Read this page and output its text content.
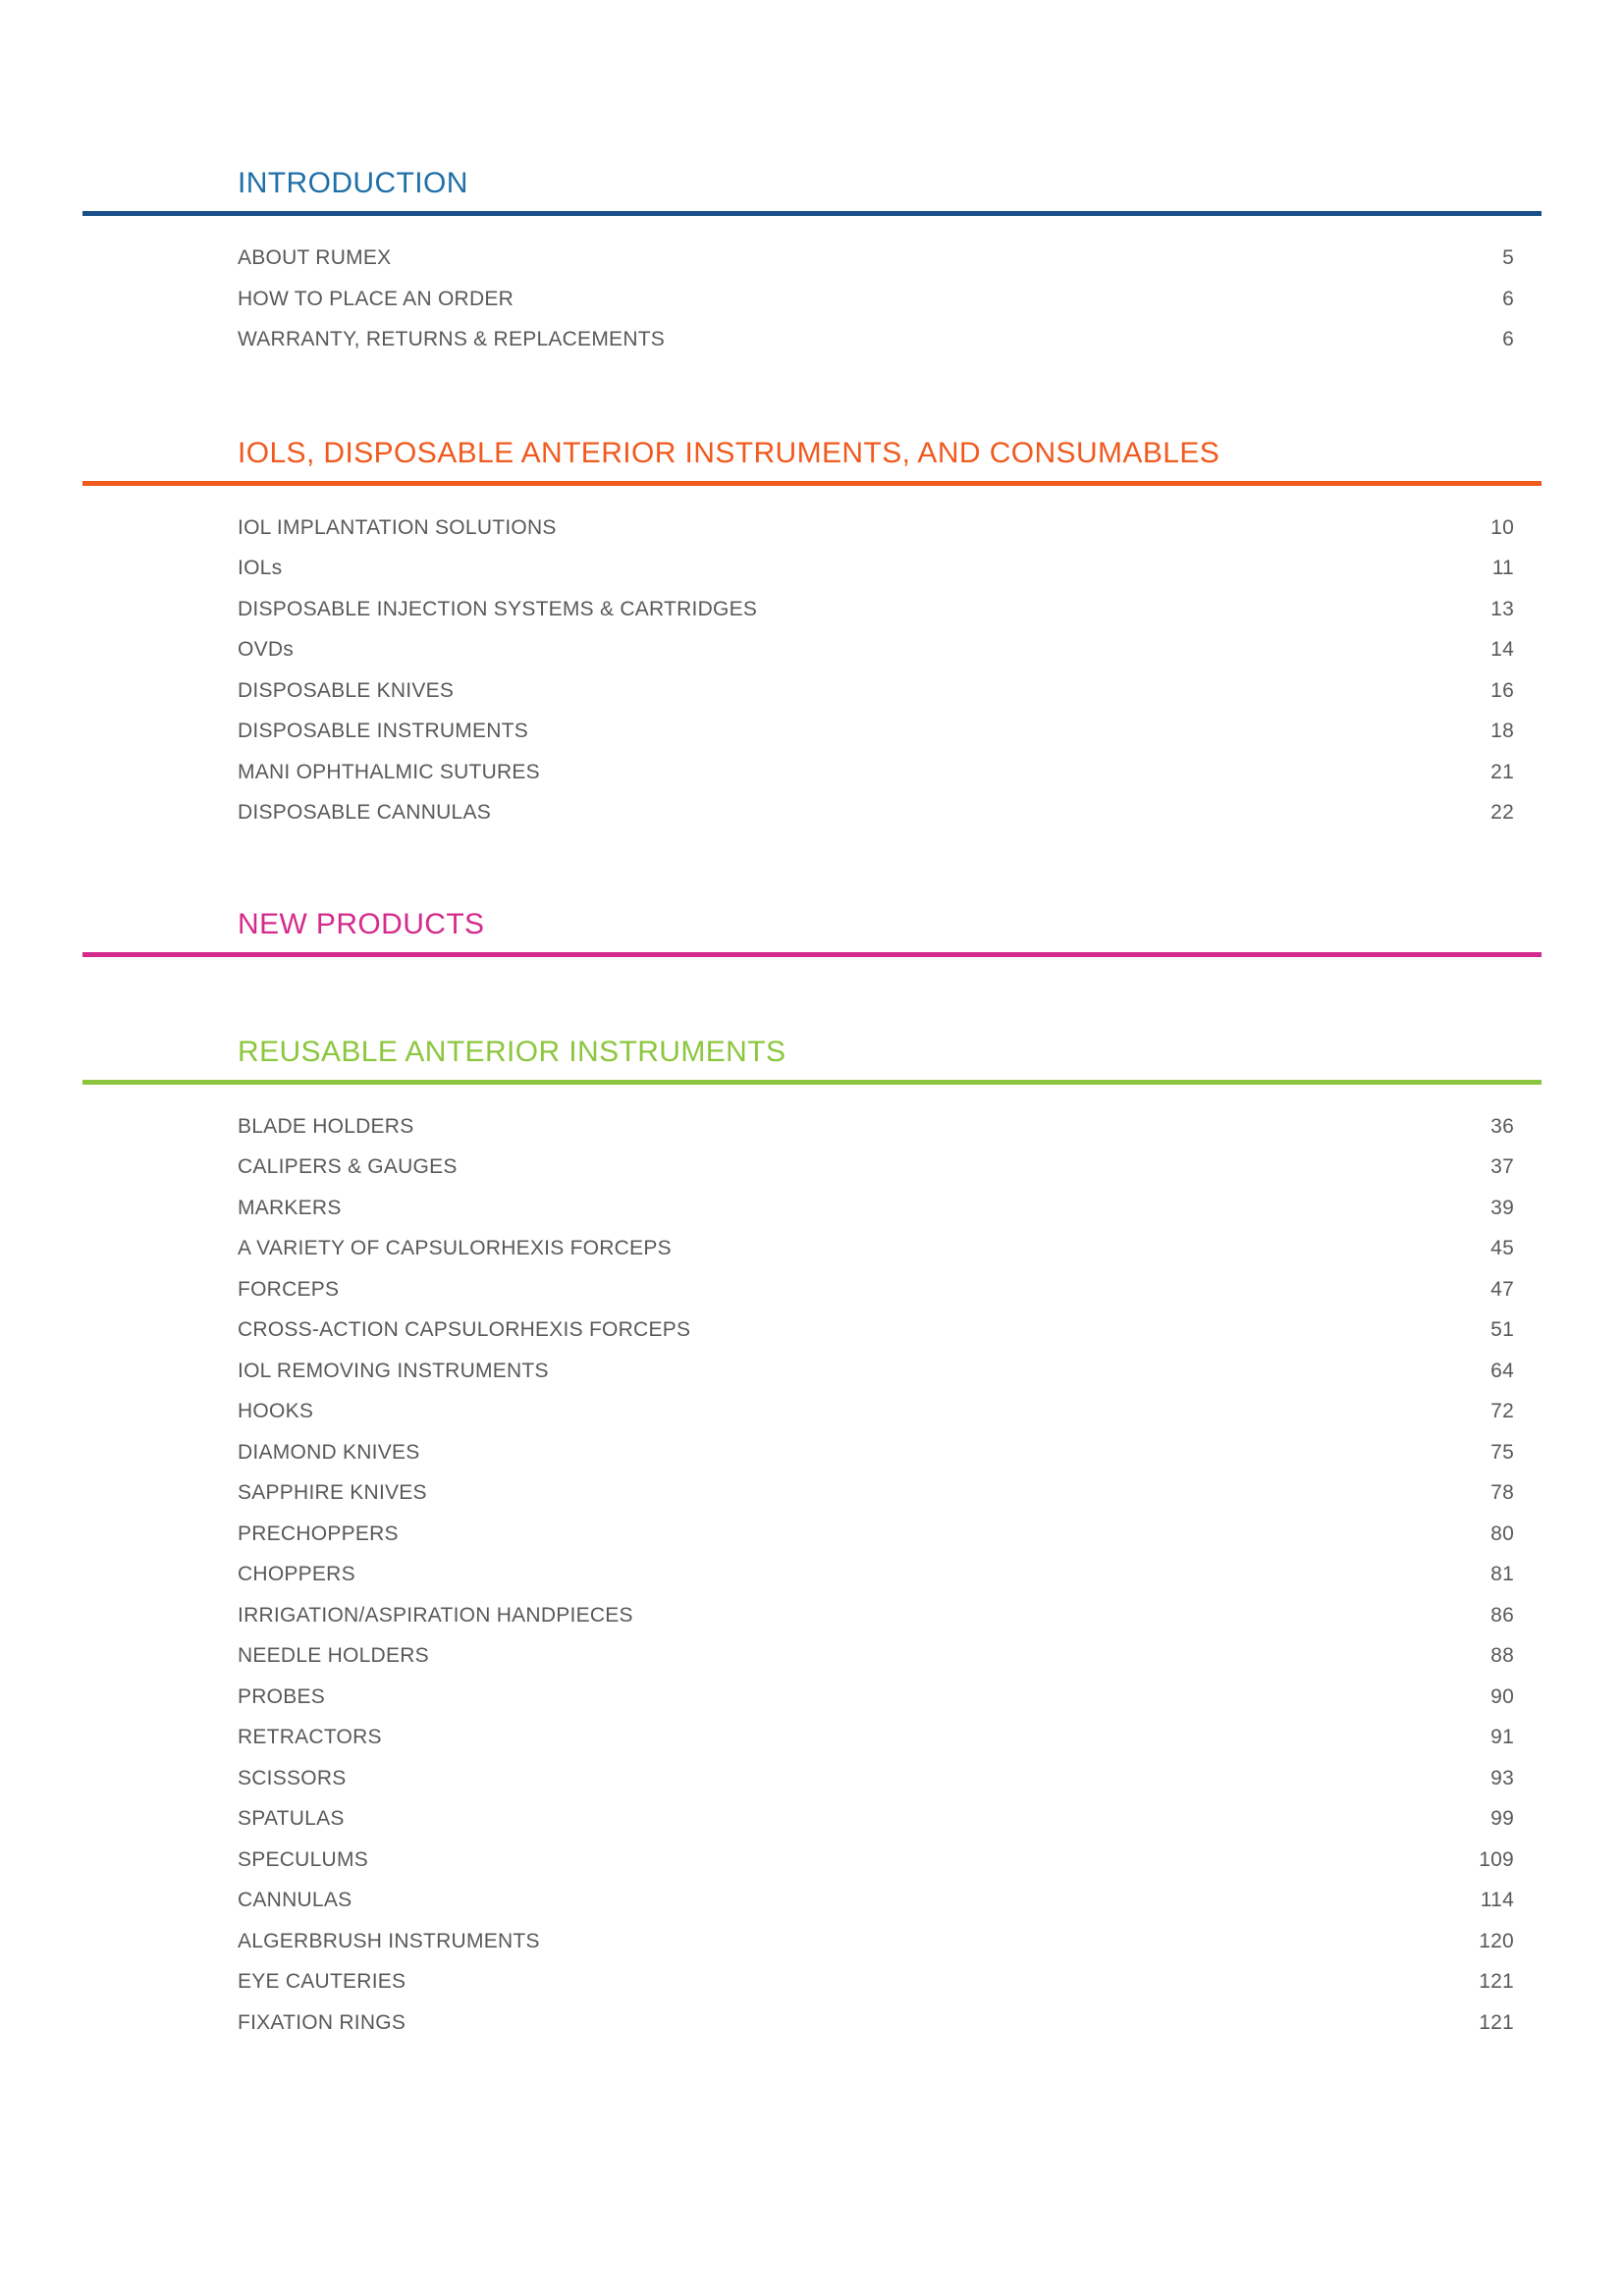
INTRODUCTION
ABOUT RUMEX	5
HOW TO PLACE AN ORDER	6
WARRANTY, RETURNS & REPLACEMENTS	6
IOLS, DISPOSABLE ANTERIOR INSTRUMENTS, AND CONSUMABLES
IOL IMPLANTATION SOLUTIONS	10
IOLs	11
DISPOSABLE INJECTION SYSTEMS & CARTRIDGES	13
OVDs	14
DISPOSABLE KNIVES	16
DISPOSABLE INSTRUMENTS	18
MANI OPHTHALMIC SUTURES	21
DISPOSABLE CANNULAS	22
NEW PRODUCTS
REUSABLE ANTERIOR INSTRUMENTS
BLADE HOLDERS	36
CALIPERS & GAUGES	37
MARKERS	39
A VARIETY OF CAPSULORHEXIS FORCEPS	45
FORCEPS	47
CROSS-ACTION CAPSULORHEXIS FORCEPS	51
IOL REMOVING INSTRUMENTS	64
HOOKS	72
DIAMOND KNIVES	75
SAPPHIRE KNIVES	78
PRECHOPPERS	80
CHOPPERS	81
IRRIGATION/ASPIRATION HANDPIECES	86
NEEDLE HOLDERS	88
PROBES	90
RETRACTORS	91
SCISSORS	93
SPATULAS	99
SPECULUMS	109
CANNULAS	114
ALGERBRUSH INSTRUMENTS	120
EYE CAUTERIES	121
FIXATION RINGS	121
